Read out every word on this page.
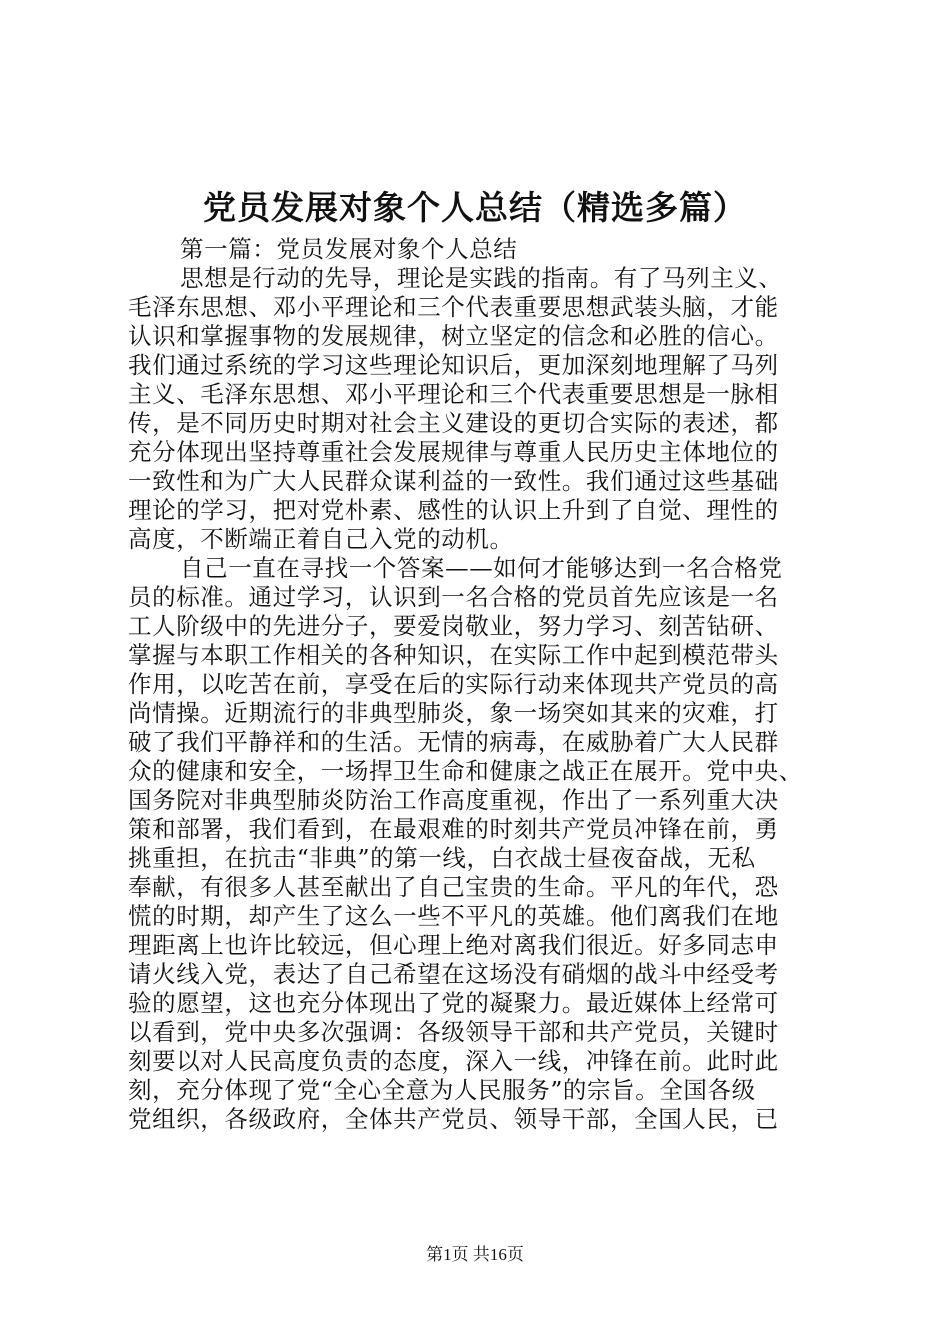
党员发展对象个人总结（精选多篇）
第一篇：党员发展对象个人总结
思想是行动的先导，理论是实践的指南。有了马列主义、
毛泽东思想、邓小平理论和三个代表重要思想武装头脑，才能
认识和掌握事物的发展规律，树立坚定的信念和必胜的信心。
我们通过系统的学习这些理论知识后，更加深刻地理解了马列
主义、毛泽东思想、邓小平理论和三个代表重要思想是一脉相
传，是不同历史时期对社会主义建设的更切合实际的表述，都
充分体现出坚持尊重社会发展规律与尊重人民历史主体地位的
一致性和为广大人民群众谋利益的一致性。我们通过这些基础
理论的学习，把对党朴素、感性的认识上升到了自觉、理性的
高度，不断端正着自己入党的动机。
自己一直在寻找一个答案——如何才能够达到一名合格党
员的标准。通过学习，认识到一名合格的党员首先应该是一名
工人阶级中的先进分子，要爱岗敬业，努力学习、刻苦钻研、
掌握与本职工作相关的各种知识，在实际工作中起到模范带头
作用，以吃苦在前，享受在后的实际行动来体现共产党员的高
尚情操。近期流行的非典型肺炎，象一场突如其来的灾难，打
破了我们平静祥和的生活。无情的病毒，在威胁着广大人民群
众的健康和安全，一场捍卫生命和健康之战正在展开。党中央、
国务院对非典型肺炎防治工作高度重视，作出了一系列重大决
策和部署，我们看到，在最艰难的时刻共产党员冲锋在前，勇
挑重担，在抗击“非典”的第一线，白衣战士昼夜奋战，无私
奉献，有很多人甚至献出了自己宝贵的生命。平凡的年代，恐
慌的时期，却产生了这么一些不平凡的英雄。他们离我们在地
理距离上也许比较远，但心理上绝对离我们很近。好多同志申
请火线入党，表达了自己希望在这场没有硝烟的战斗中经受考
验的愿望，这也充分体现出了党的凝聚力。最近媒体上经常可
以看到，党中央多次强调：各级领导干部和共产党员，关键时
刻要以对人民高度负责的态度，深入一线，冲锋在前。此时此
刻，充分体现了党“全心全意为人民服务”的宗旨。全国各级
党组织，各级政府，全体共产党员、领导干部，全国人民，已
第1页 共16页
